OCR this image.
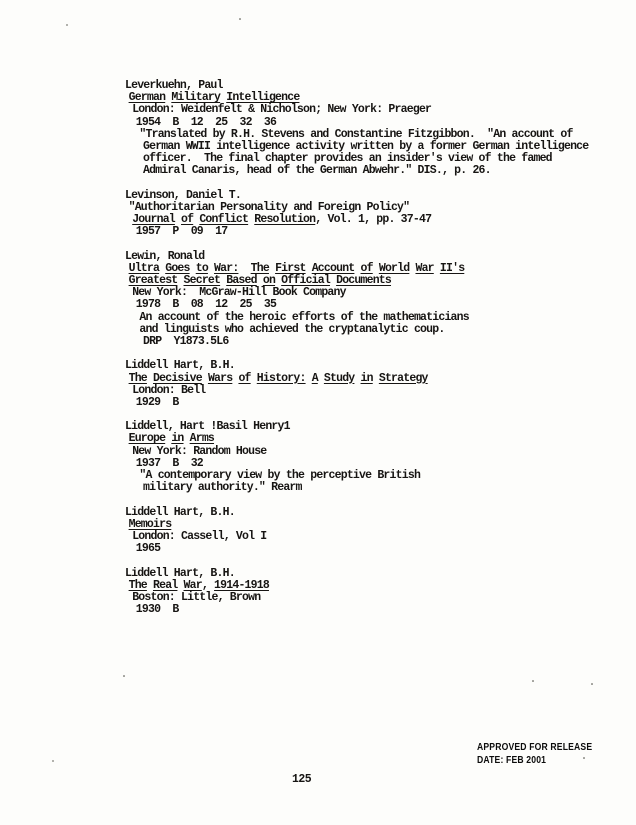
Leverkuehn, Paul
German Military Intelligence
London: Weidenfelt & Nicholson; New York: Praeger
1954  B  12  25  32  36
"Translated by R.H. Stevens and Constantine Fitzgibbon.  "An account of
German WWII intelligence activity written by a former German intelligence
officer.  The final chapter provides an insider's view of the famed
Admiral Canaris, head of the German Abwehr." DIS., p. 26.
Levinson, Daniel T.
"Authoritarian Personality and Foreign Policy"
Journal of Conflict Resolution, Vol. 1, pp. 37-47
1957  P  09  17
Lewin, Ronald
Ultra Goes to War: The First Account of World War II's
Greatest Secret Based on Official Documents
New York:  McGraw-Hill Book Company
1978  B  08  12  25  35
An account of the heroic efforts of the mathematicians
and linguists who achieved the cryptanalytic coup.
DRP  Y1873.5L6
Liddell Hart, B.H.
The Decisive Wars of History: A Study in Strategy
London: Bell
1929  B
Liddell, Hart !Basil Henry1
Europe in Arms
New York: Random House
1937  B  32
"A contemporary view by the perceptive British
military authority." Rearm
Liddell Hart, B.H.
Memoirs
London: Cassell, Vol I
1965
Liddell Hart, B.H.
The Real War, 1914-1918
Boston: Little, Brown
1930  B
APPROVED FOR RELEASE
DATE: FEB 2001
125
